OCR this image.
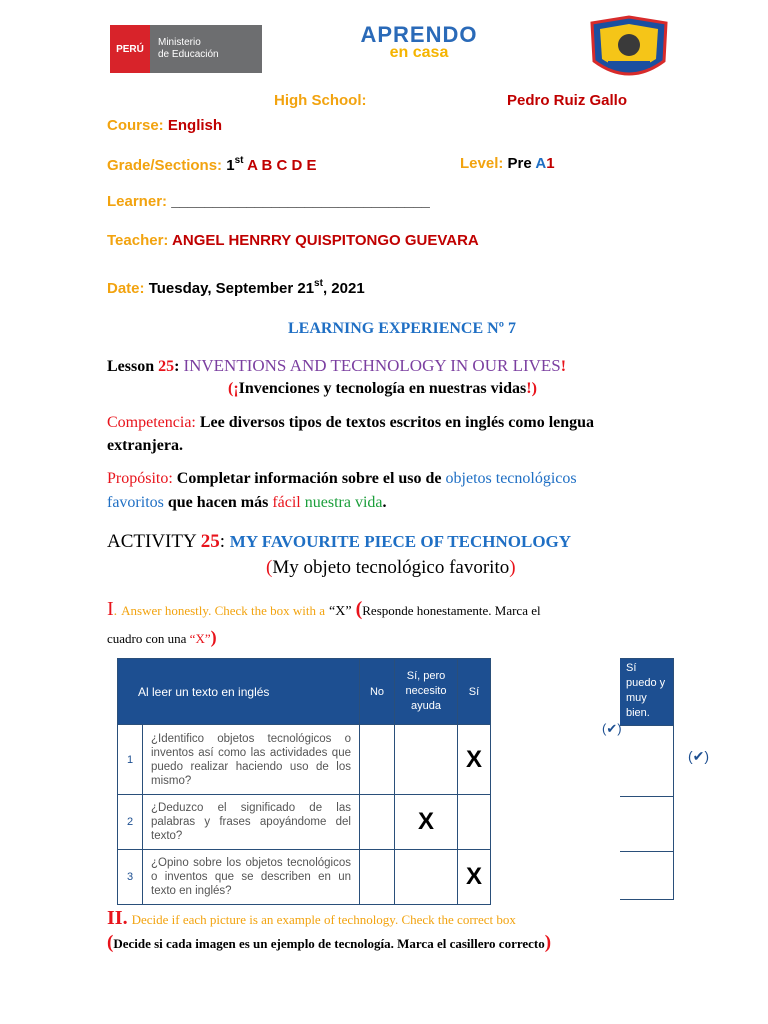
PERÚ
Ministerio
de Educación
APRENDO
en casa
High School:	Pedro Ruiz Gallo
Course: English
Grade/Sections: 1st A B C D E	Level: Pre A1
Learner: _______________________________
Teacher: ANGEL HENRRY QUISPITONGO GUEVARA
Date: Tuesday, September 21st, 2021
LEARNING EXPERIENCE Nº 7
Lesson 25: INVENTIONS AND TECHNOLOGY IN OUR LIVES!
(¡Invenciones y tecnología en nuestras vidas!)
Competencia: Lee diversos tipos de textos escritos en inglés como lengua
extranjera.
Propósito: Completar información sobre el uso de objetos tecnológicos
favoritos que hacen más fácil nuestra vida.
ACTIVITY 25: MY FAVOURITE PIECE OF TECHNOLOGY
(My objeto tecnológico favorito)
I. Answer honestly. Check the box with a “X” (Responde honestamente. Marca el
cuadro con una “X”)
Al leer un texto en inglés		No	Sí, pero necesito ayuda	Sí
1	¿Identifico objetos tecnológicos o inventos así como las actividades que puedo realizar haciendo uso de los mismo?			X
2	¿Deduzco el significado de las palabras y frases apoyándome del texto?		X	
3	¿Opino sobre los objetos tecnológicos o inventos que se describen en un texto en inglés?			X
Sí puedo y muy bien.
(✔)
(✔)
II. Decide if each picture is an example of technology. Check the correct box
(Decide si cada imagen es un ejemplo de tecnología. Marca el casillero correcto)
